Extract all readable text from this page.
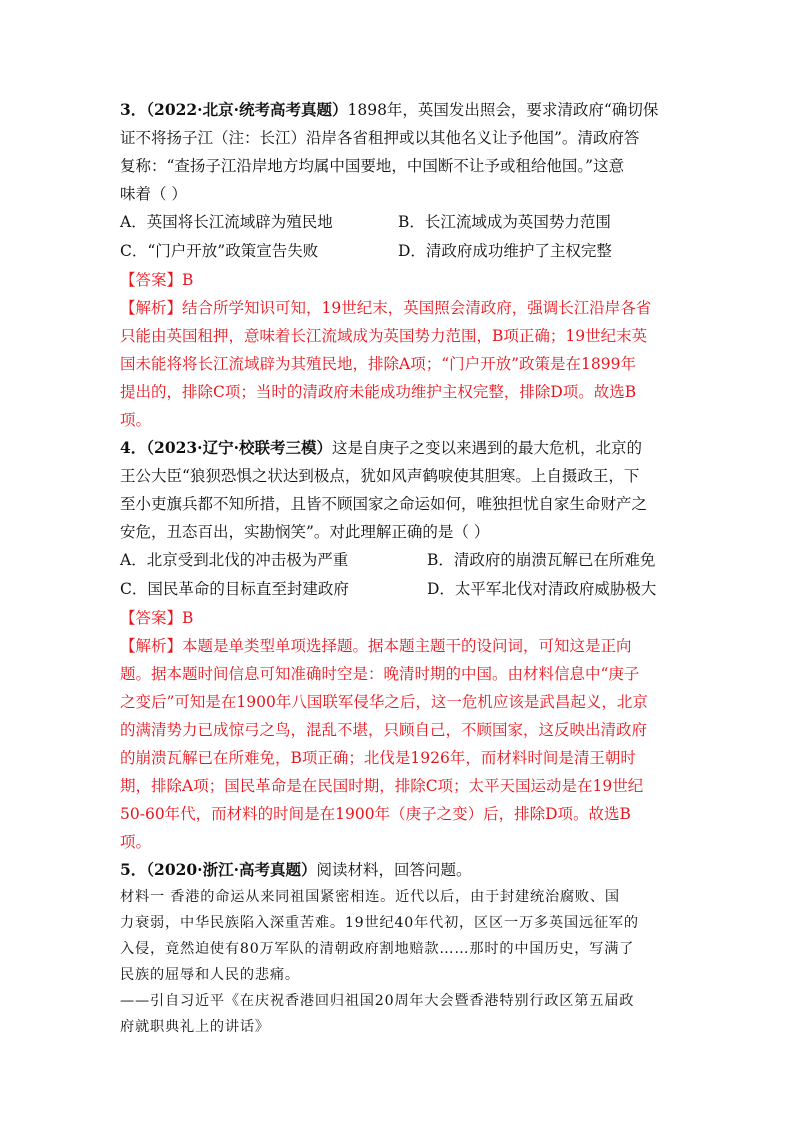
3．（2022·北京·统考高考真题）1898年，英国发出照会，要求清政府“确切保
证不将扬子江（注：长江）沿岸各省租押或以其他名义让予他国”。清政府答
复称：“查扬子江沿岸地方均属中国要地，中国断不让予或租给他国。”这意
味着（ ）
A．英国将长江流域辟为殖民地	B．长江流域成为英国势力范围
C．“门户开放”政策宣告失败	D．清政府成功维护了主权完整
【答案】B
【解析】结合所学知识可知，19世纪末，英国照会清政府，强调长江沿岸各省
只能由英国租押，意味着长江流域成为英国势力范围，B项正确；19世纪末英
国未能将将长江流域辟为其殖民地，排除A项；“门户开放”政策是在1899年
提出的，排除C项；当时的清政府未能成功维护主权完整，排除D项。故选B
项。
4．（2023·辽宁·校联考三模）这是自庚子之变以来遇到的最大危机，北京的
王公大臣“狼狈恐惧之状达到极点，犹如风声鹤唳使其胆寒。上自摄政王，下
至小吏旗兵都不知所措，且皆不顾国家之命运如何，唯独担忧自家生命财产之
安危，丑态百出，实勘悯笑”。对此理解正确的是（ ）
A．北京受到北伐的冲击极为严重	B．清政府的崩溃瓦解已在所难免
C．国民革命的目标直至封建政府	D．太平军北伐对清政府威胁极大
【答案】B
【解析】本题是单类型单项选择题。据本题主题干的设问词，可知这是正向
题。据本题时间信息可知准确时空是：晚清时期的中国。由材料信息中“庚子
之变后”可知是在1900年八国联军侵华之后，这一危机应该是武昌起义，北京
的满清势力已成惊弓之鸟，混乱不堪，只顾自己，不顾国家，这反映出清政府
的崩溃瓦解已在所难免，B项正确；北伐是1926年，而材料时间是清王朝时
期，排除A项；国民革命是在民国时期，排除C项；太平天国运动是在19世纪
50-60年代，而材料的时间是在1900年（庚子之变）后，排除D项。故选B
项。
5．（2020·浙江·高考真题）阅读材料，回答问题。
材料一 香港的命运从来同祖国紧密相连。近代以后，由于封建统治腐败、国
力衰弱，中华民族陷入深重苦难。19世纪40年代初，区区一万多英国远征军的
入侵，竟然迫使有80万军队的清朝政府割地赔款……那时的中国历史，写满了
民族的屈辱和人民的悲痛。
——引自习近平《在庆祝香港回归祖国20周年大会暨香港特别行政区第五届政
府就职典礼上的讲话》
